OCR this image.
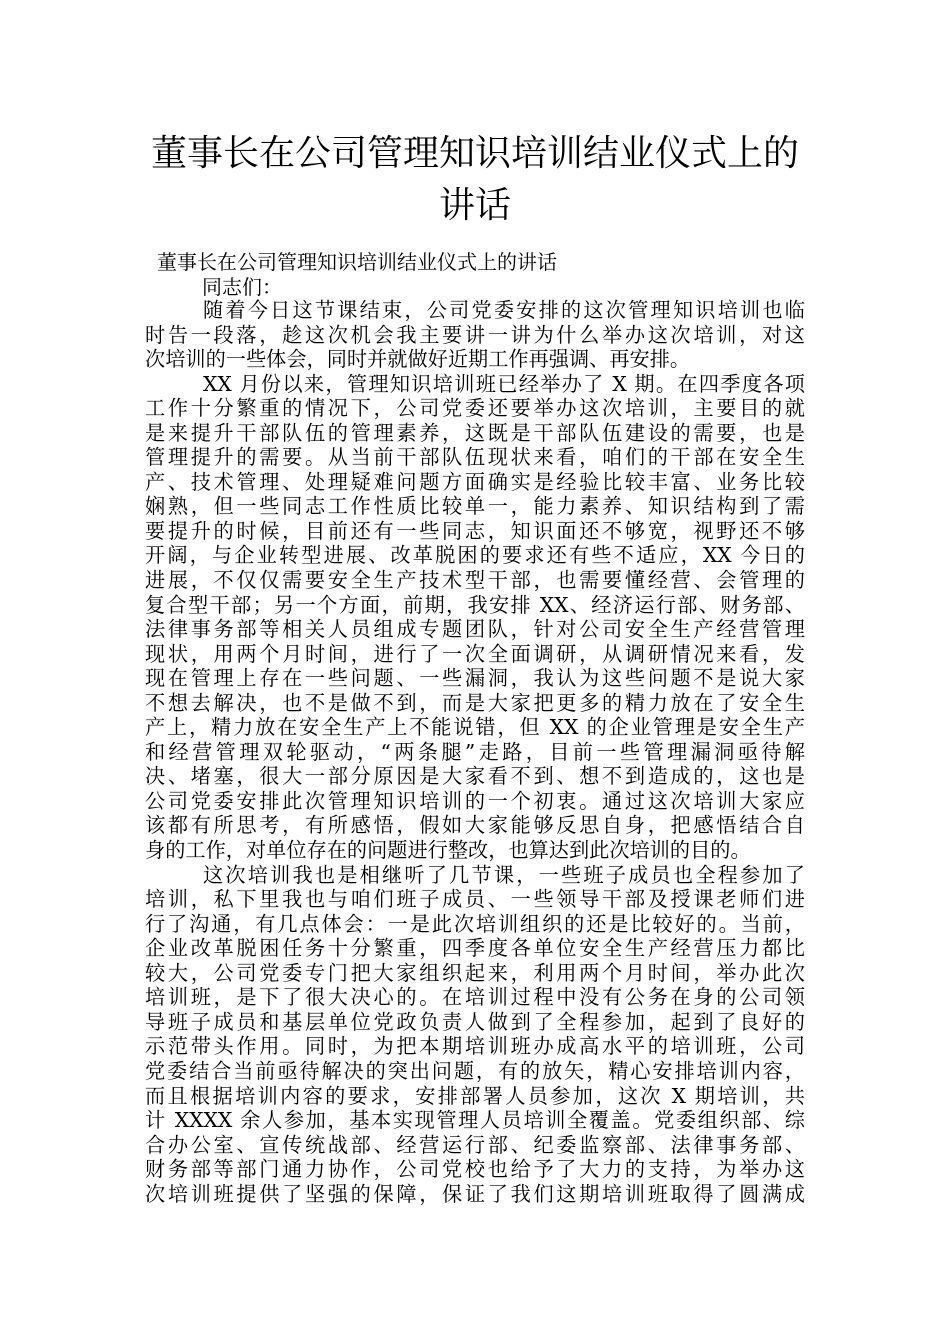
董事长在公司管理知识培训结业仪式上的
讲话
董事长在公司管理知识培训结业仪式上的讲话
同志们：
随着今日这节课结束，公司党委安排的这次管理知识培训也临
时告一段落，趁这次机会我主要讲一讲为什么举办这次培训，对这
次培训的一些体会，同时并就做好近期工作再强调、再安排。
XX 月份以来，管理知识培训班已经举办了 X 期。在四季度各项
工作十分繁重的情况下，公司党委还要举办这次培训，主要目的就
是来提升干部队伍的管理素养，这既是干部队伍建设的需要，也是
管理提升的需要。从当前干部队伍现状来看，咱们的干部在安全生
产、技术管理、处理疑难问题方面确实是经验比较丰富、业务比较
娴熟，但一些同志工作性质比较单一，能力素养、知识结构到了需
要提升的时候，目前还有一些同志，知识面还不够宽，视野还不够
开阔，与企业转型进展、改革脱困的要求还有些不适应，XX 今日的
进展，不仅仅需要安全生产技术型干部，也需要懂经营、会管理的
复合型干部；另一个方面，前期，我安排 XX、经济运行部、财务部、
法律事务部等相关人员组成专题团队，针对公司安全生产经营管理
现状，用两个月时间，进行了一次全面调研，从调研情况来看，发
现在管理上存在一些问题、一些漏洞，我认为这些问题不是说大家
不想去解决，也不是做不到，而是大家把更多的精力放在了安全生
产上，精力放在安全生产上不能说错，但 XX 的企业管理是安全生产
和经营管理双轮驱动，“两条腿”走路，目前一些管理漏洞亟待解
决、堵塞，很大一部分原因是大家看不到、想不到造成的，这也是
公司党委安排此次管理知识培训的一个初衷。通过这次培训大家应
该都有所思考，有所感悟，假如大家能够反思自身，把感悟结合自
身的工作，对单位存在的问题进行整改，也算达到此次培训的目的。
这次培训我也是相继听了几节课，一些班子成员也全程参加了
培训，私下里我也与咱们班子成员、一些领导干部及授课老师们进
行了沟通，有几点体会：一是此次培训组织的还是比较好的。当前，
企业改革脱困任务十分繁重，四季度各单位安全生产经营压力都比
较大，公司党委专门把大家组织起来，利用两个月时间，举办此次
培训班，是下了很大决心的。在培训过程中没有公务在身的公司领
导班子成员和基层单位党政负责人做到了全程参加，起到了良好的
示范带头作用。同时，为把本期培训班办成高水平的培训班，公司
党委结合当前亟待解决的突出问题，有的放矢，精心安排培训内容，
而且根据培训内容的要求，安排部署人员参加，这次 X 期培训，共
计 XXXX 余人参加，基本实现管理人员培训全覆盖。党委组织部、综
合办公室、宣传统战部、经营运行部、纪委监察部、法律事务部、
财务部等部门通力协作，公司党校也给予了大力的支持，为举办这
次培训班提供了坚强的保障，保证了我们这期培训班取得了圆满成
